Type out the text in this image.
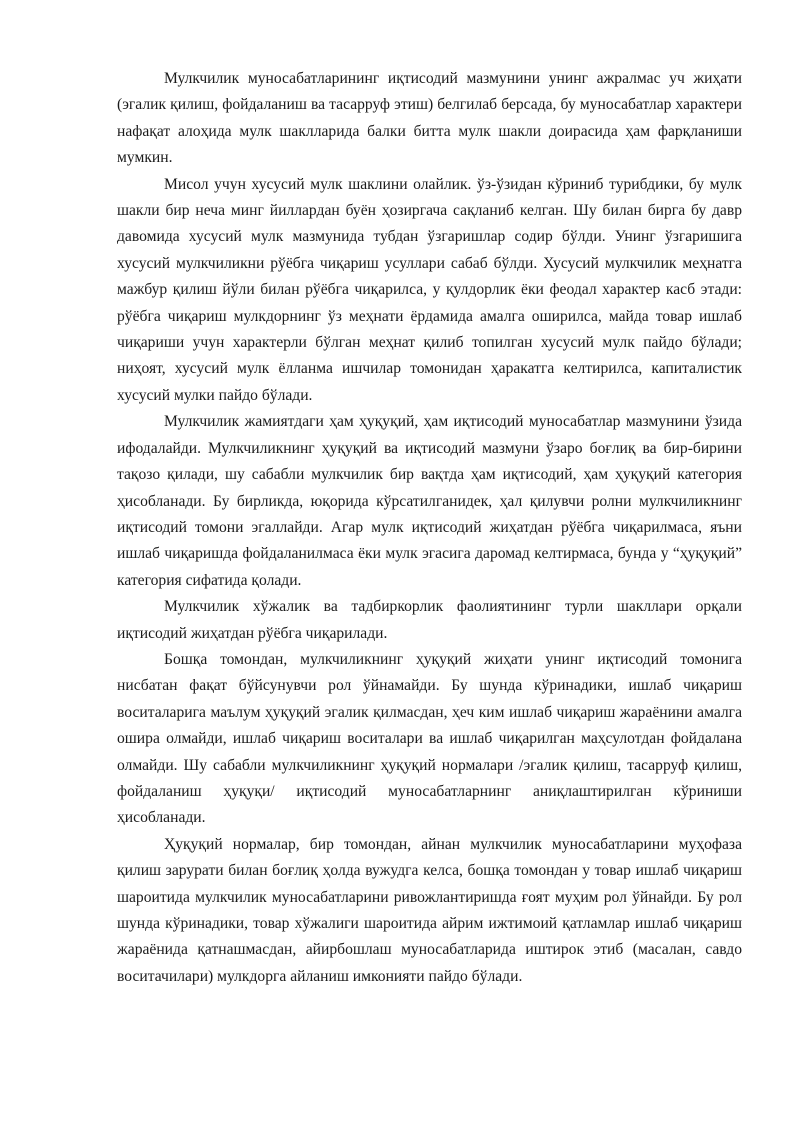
Мулкчилик муносабатларининг иқтисодий мазмунини унинг ажралмас уч жиҳати (эгалик қилиш, фойдаланиш ва тасарруф этиш) белгилаб берсада, бу муносабатлар характери нафақат алоҳида мулк шаклларида балки битта мулк шакли доирасида ҳам фарқланиши мумкин.

Мисол учун хусусий мулк шаклини олайлик. ўз-ўзидан кўриниб турибдики, бу мулк шакли бир неча минг йиллардан буён ҳозиргача сақланиб келган. Шу билан бирга бу давр давомида хусусий мулк мазмунида тубдан ўзгаришлар содир бўлди. Унинг ўзгаришига хусусий мулкчиликни рўёбга чиқариш усуллари сабаб бўлди. Хусусий мулкчилик меҳнатга мажбур қилиш йўли билан рўёбга чиқарилса, у қулдорлик ёки феодал характер касб этади: рўёбга чиқариш мулкдорнинг ўз меҳнати ёрдамида амалга оширилса, майда товар ишлаб чиқариши учун характерли бўлган меҳнат қилиб топилган хусусий мулк пайдо бўлади; ниҳоят, хусусий мулк ёлланма ишчилар томонидан ҳаракатга келтирилса, капиталистик хусусий мулки пайдо бўлади.

Мулкчилик жамиятдаги ҳам ҳуқуқий, ҳам иқтисодий муносабатлар мазмунини ўзида ифодалайди. Мулкчиликнинг ҳуқуқий ва иқтисодий мазмуни ўзаро боғлиқ ва бир-бирини тақозо қилади, шу сабабли мулкчилик бир вақтда ҳам иқтисодий, ҳам ҳуқуқий категория ҳисобланади. Бу бирликда, юқорида кўрсатилганидек, ҳал қилувчи ролни мулкчиликнинг иқтисодий томони эгаллайди. Агар мулк иқтисодий жиҳатдан рўёбга чиқарилмаса, яъни ишлаб чиқаришда фойдаланилмаса ёки мулк эгасига даромад келтирмаса, бунда у “ҳуқуқий” категория сифатида қолади.

Мулкчилик хўжалик ва тадбиркорлик фаолиятининг турли шакллари орқали иқтисодий жиҳатдан рўёбга чиқарилади.

Бошқа томондан, мулкчиликнинг ҳуқуқий жиҳати унинг иқтисодий томонига нисбатан фақат бўйсунувчи рол ўйнамайди. Бу шунда кўринадики, ишлаб чиқариш воситаларига маълум ҳуқуқий эгалик қилмасдан, ҳеч ким ишлаб чиқариш жараёнини амалга ошира олмайди, ишлаб чиқариш воситалари ва ишлаб чиқарилган маҳсулотдан фойдалана олмайди. Шу сабабли мулкчиликнинг ҳуқуқий нормалари /эгалик қилиш, тасарруф қилиш, фойдаланиш ҳуқуқи/ иқтисодий муносабатларнинг аниқлаштирилган кўриниши ҳисобланади.

Ҳуқуқий нормалар, бир томондан, айнан мулкчилик муносабатларини муҳофаза қилиш зарурати билан боғлиқ ҳолда вужудга келса, бошқа томондан у товар ишлаб чиқариш шароитида мулкчилик муносабатларини ривожлантиришда ғоят муҳим рол ўйнайди. Бу рол шунда кўринадики, товар хўжалиги шароитида айрим ижтимоий қатламлар ишлаб чиқариш жараёнида қатнашмасдан, айирбошлаш муносабатларида иштирок этиб (масалан, савдо воситачилари) мулкдорга айланиш имконияти пайдо бўлади.
